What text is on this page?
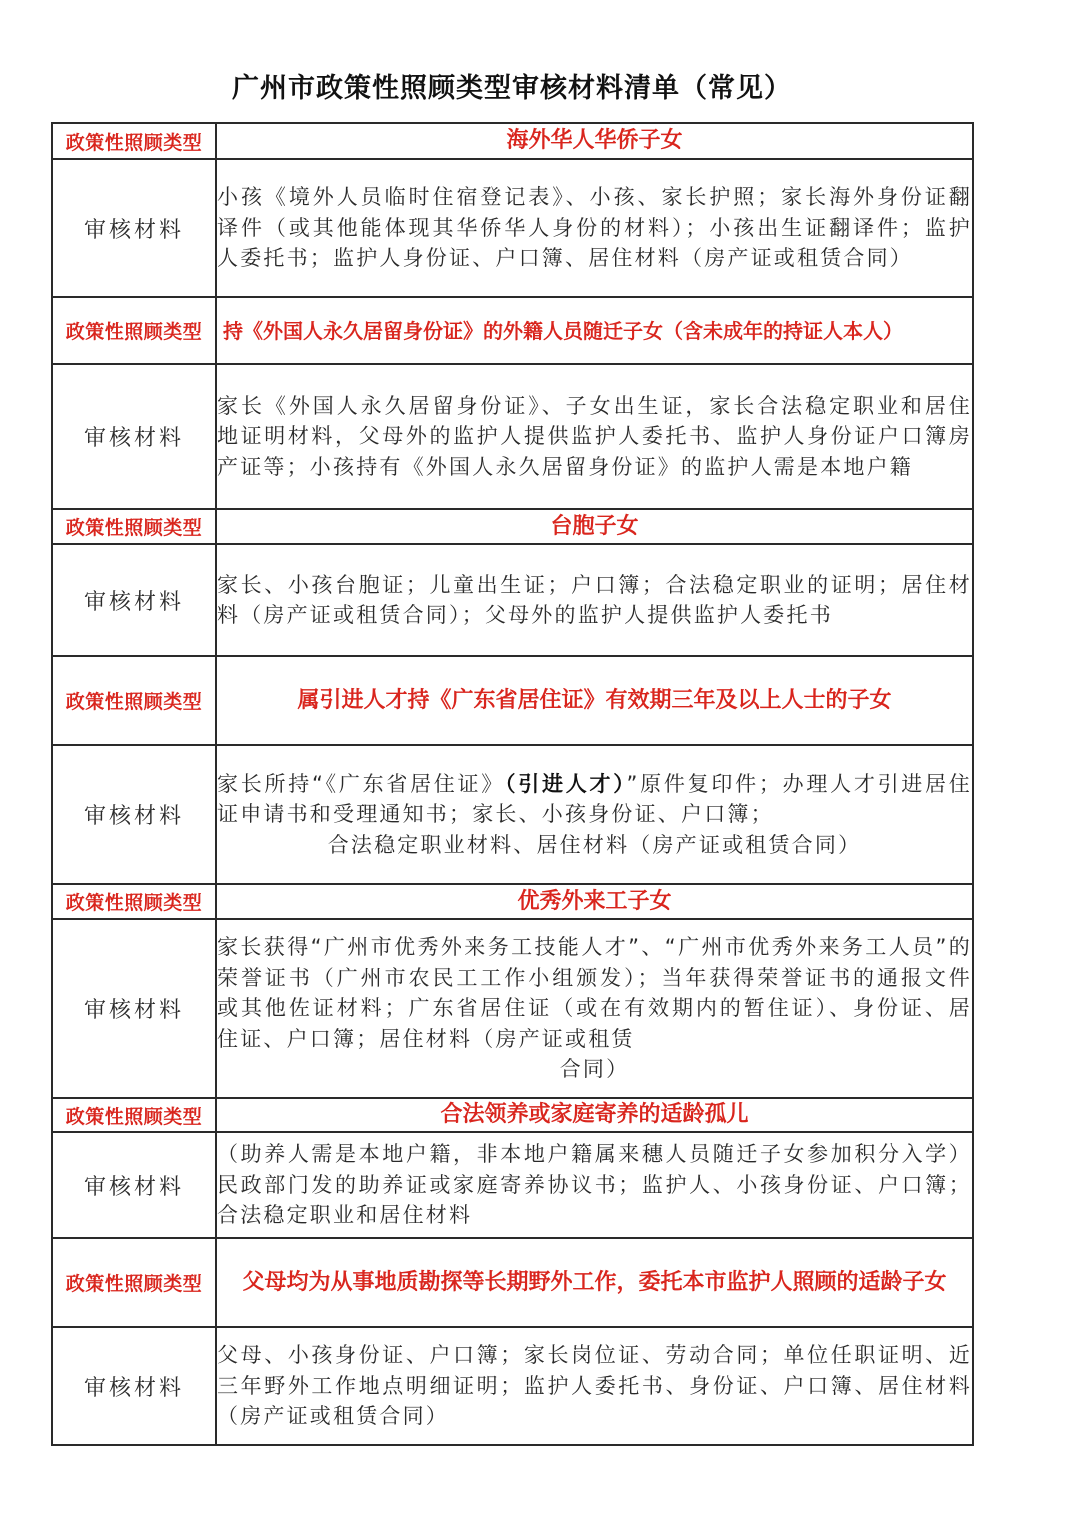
广州市政策性照顾类型审核材料清单（常见）
政策性照顾类型	海外华人华侨子女
审核材料	小孩《境外人员临时住宿登记表》、小孩、家长护照；家长海外身份证翻译件（或其他能体现其华侨华人身份的材料）；小孩出生证翻译件；监护人委托书；监护人身份证、户口簿、居住材料（房产证或租赁合同）
政策性照顾类型	持《外国人永久居留身份证》的外籍人员随迁子女（含未成年的持证人本人）
审核材料	家长《外国人永久居留身份证》、子女出生证，家长合法稳定职业和居住地证明材料，父母外的监护人提供监护人委托书、监护人身份证户口簿房产证等；小孩持有《外国人永久居留身份证》的监护人需是本地户籍
政策性照顾类型	台胞子女
审核材料	家长、小孩台胞证；儿童出生证；户口簿；合法稳定职业的证明；居住材料（房产证或租赁合同）；父母外的监护人提供监护人委托书
政策性照顾类型	属引进人才持《广东省居住证》有效期三年及以上人士的子女
审核材料	家长所持“《广东省居住证》（引进人才）”原件复印件；办理人才引进居住证申请书和受理通知书；家长、小孩身份证、户口簿；
合法稳定职业材料、居住材料（房产证或租赁合同）

政策性照顾类型	优秀外来工子女
审核材料	家长获得“广州市优秀外来务工技能人才”、“广州市优秀外来务工人员”的荣誉证书（广州市农民工工作小组颁发）；当年获得荣誉证书的通报文件或其他佐证材料；广东省居住证（或在有效期内的暂住证）、身份证、居住证、户口簿；居住材料（房产证或租赁
合同）

政策性照顾类型	合法领养或家庭寄养的适龄孤儿
审核材料	（助养人需是本地户籍，非本地户籍属来穗人员随迁子女参加积分入学）民政部门发的助养证或家庭寄养协议书；监护人、小孩身份证、户口簿；合法稳定职业和居住材料
政策性照顾类型	父母均为从事地质勘探等长期野外工作，委托本市监护人照顾的适龄子女
审核材料	父母、小孩身份证、户口簿；家长岗位证、劳动合同；单位任职证明、近三年野外工作地点明细证明；监护人委托书、身份证、户口簿、居住材料（房产证或租赁合同）
